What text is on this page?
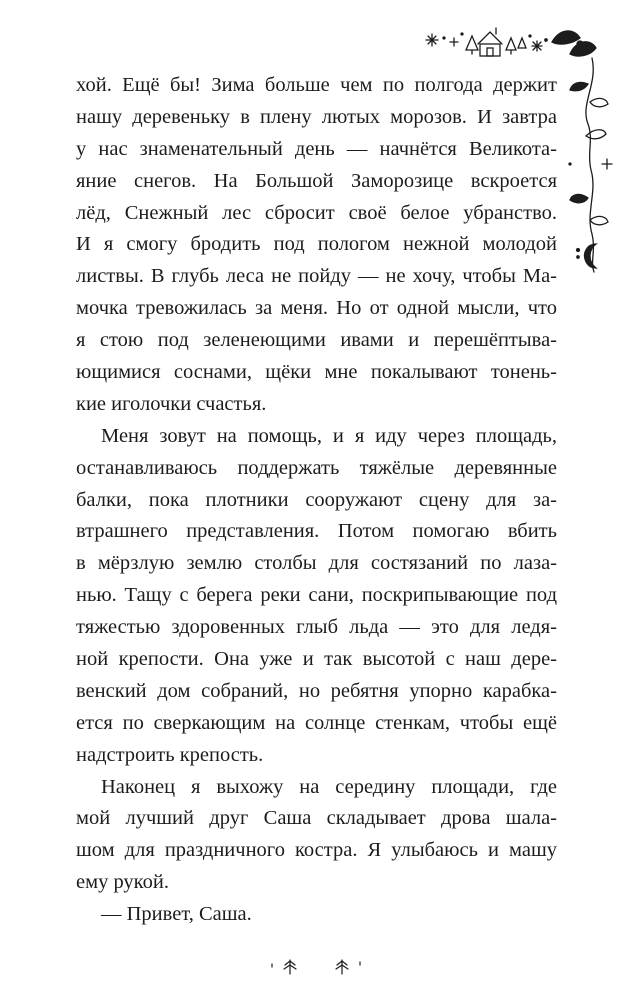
хой. Ещё бы! Зима больше чем по полгода держит
нашу деревеньку в плену лютых морозов. И завтра
у нас знаменательный день — начнётся Великота-
яние снегов. На Большой Заморозице вскроется
лёд, Снежный лес сбросит своё белое убранство.
И я смогу бродить под пологом нежной молодой
листвы. В глубь леса не пойду — не хочу, чтобы Ма-
мочка тревожилась за меня. Но от одной мысли, что
я стою под зеленеющими ивами и перешёптыва-
ющимися соснами, щёки мне покалывают тонень-
кие иголочки счастья.
Меня зовут на помощь, и я иду через площадь,
останавливаюсь поддержать тяжёлые деревянные
балки, пока плотники сооружают сцену для за-
втрашнего представления. Потом помогаю вбить
в мёрзлую землю столбы для состязаний по лаза-
нью. Тащу с берега реки сани, поскрипывающие под
тяжестью здоровенных глыб льда — это для ледя-
ной крепости. Она уже и так высотой с наш дере-
венский дом собраний, но ребятня упорно карабка-
ется по сверкающим на солнце стенкам, чтобы ещё
надстроить крепость.
Наконец я выхожу на середину площади, где
мой лучший друг Саша складывает дрова шала-
шом для праздничного костра. Я улыбаюсь и машу
ему рукой.
— Привет, Саша.
